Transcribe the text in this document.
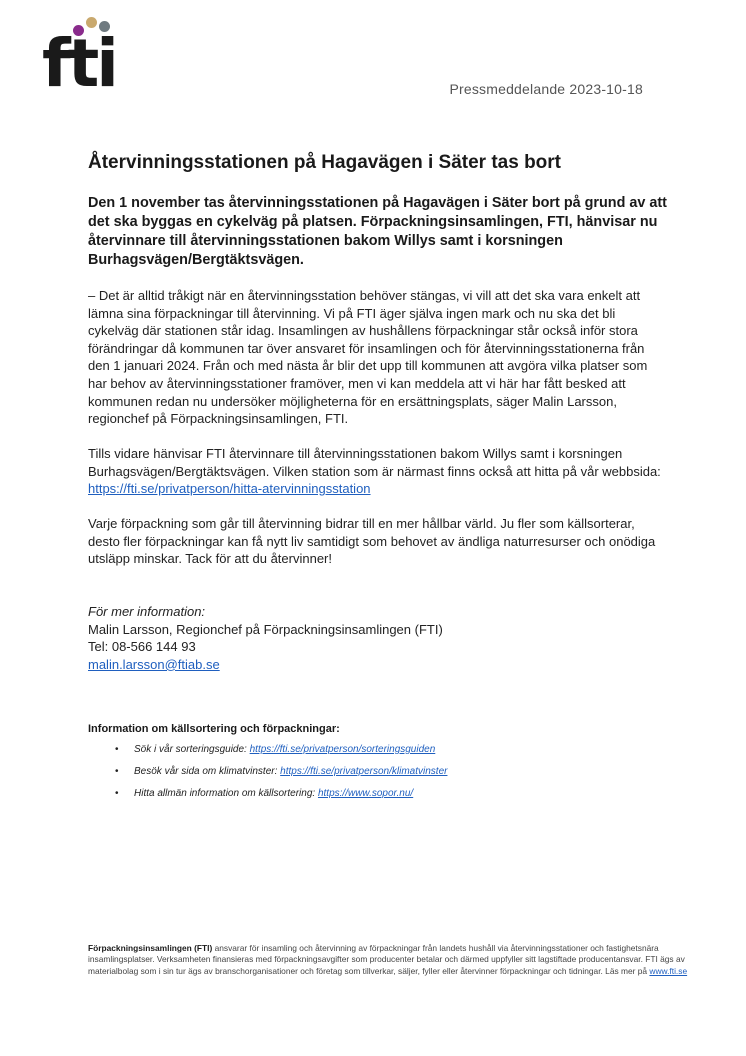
fti	Pressmeddelande 2023-10-18
Återvinningsstationen på Hagavägen i Säter tas bort

Den 1 november tas återvinningsstationen på Hagavägen i Säter bort på grund av att det ska byggas en cykelväg på platsen. Förpackningsinsamlingen, FTI, hänvisar nu återvinnare till återvinningsstationen bakom Willys samt i korsningen Burhagsvägen/Bergtäktsvägen.

– Det är alltid tråkigt när en återvinningsstation behöver stängas, vi vill att det ska vara enkelt att lämna sina förpackningar till återvinning. Vi på FTI äger själva ingen mark och nu ska det bli cykelväg där stationen står idag. Insamlingen av hushållens förpackningar står också inför stora förändringar då kommunen tar över ansvaret för insamlingen och för återvinningsstationerna från den 1 januari 2024. Från och med nästa år blir det upp till kommunen att avgöra vilka platser som har behov av återvinningsstationer framöver, men vi kan meddela att vi här har fått besked att kommunen redan nu undersöker möjligheterna för en ersättningsplats, säger Malin Larsson, regionchef på Förpackningsinsamlingen, FTI.

Tills vidare hänvisar FTI återvinnare till återvinningsstationen bakom Willys samt i korsningen Burhagsvägen/Bergtäktsvägen. Vilken station som är närmast finns också att hitta på vår webbsida: https://fti.se/privatperson/hitta-atervinningsstation

Varje förpackning som går till återvinning bidrar till en mer hållbar värld. Ju fler som källsorterar, desto fler förpackningar kan få nytt liv samtidigt som behovet av ändliga naturresurser och onödiga utsläpp minskar. Tack för att du återvinner!

För mer information:
Malin Larsson, Regionchef på Förpackningsinsamlingen (FTI)
Tel: 08-566 144 93
malin.larsson@ftiab.se

Information om källsortering och förpackningar:

• Sök i vår sorteringsguide: https://fti.se/privatperson/sorteringsguiden
• Besök vår sida om klimatvinster: https://fti.se/privatperson/klimatvinster
• Hitta allmän information om källsortering: https://www.sopor.nu/

Förpackningsinsamlingen (FTI) ansvarar för insamling och återvinning av förpackningar från landets hushåll via återvinningsstationer och fastighetsnära insamlingsplatser. Verksamheten finansieras med förpackningsavgifter som producenter betalar och därmed uppfyller sitt lagstiftade producentansvar. FTI ägs av materialbolag som i sin tur ägs av branschorganisationer och företag som tillverkar, säljer, fyller eller återvinner förpackningar och tidningar. Läs mer på www.fti.se
